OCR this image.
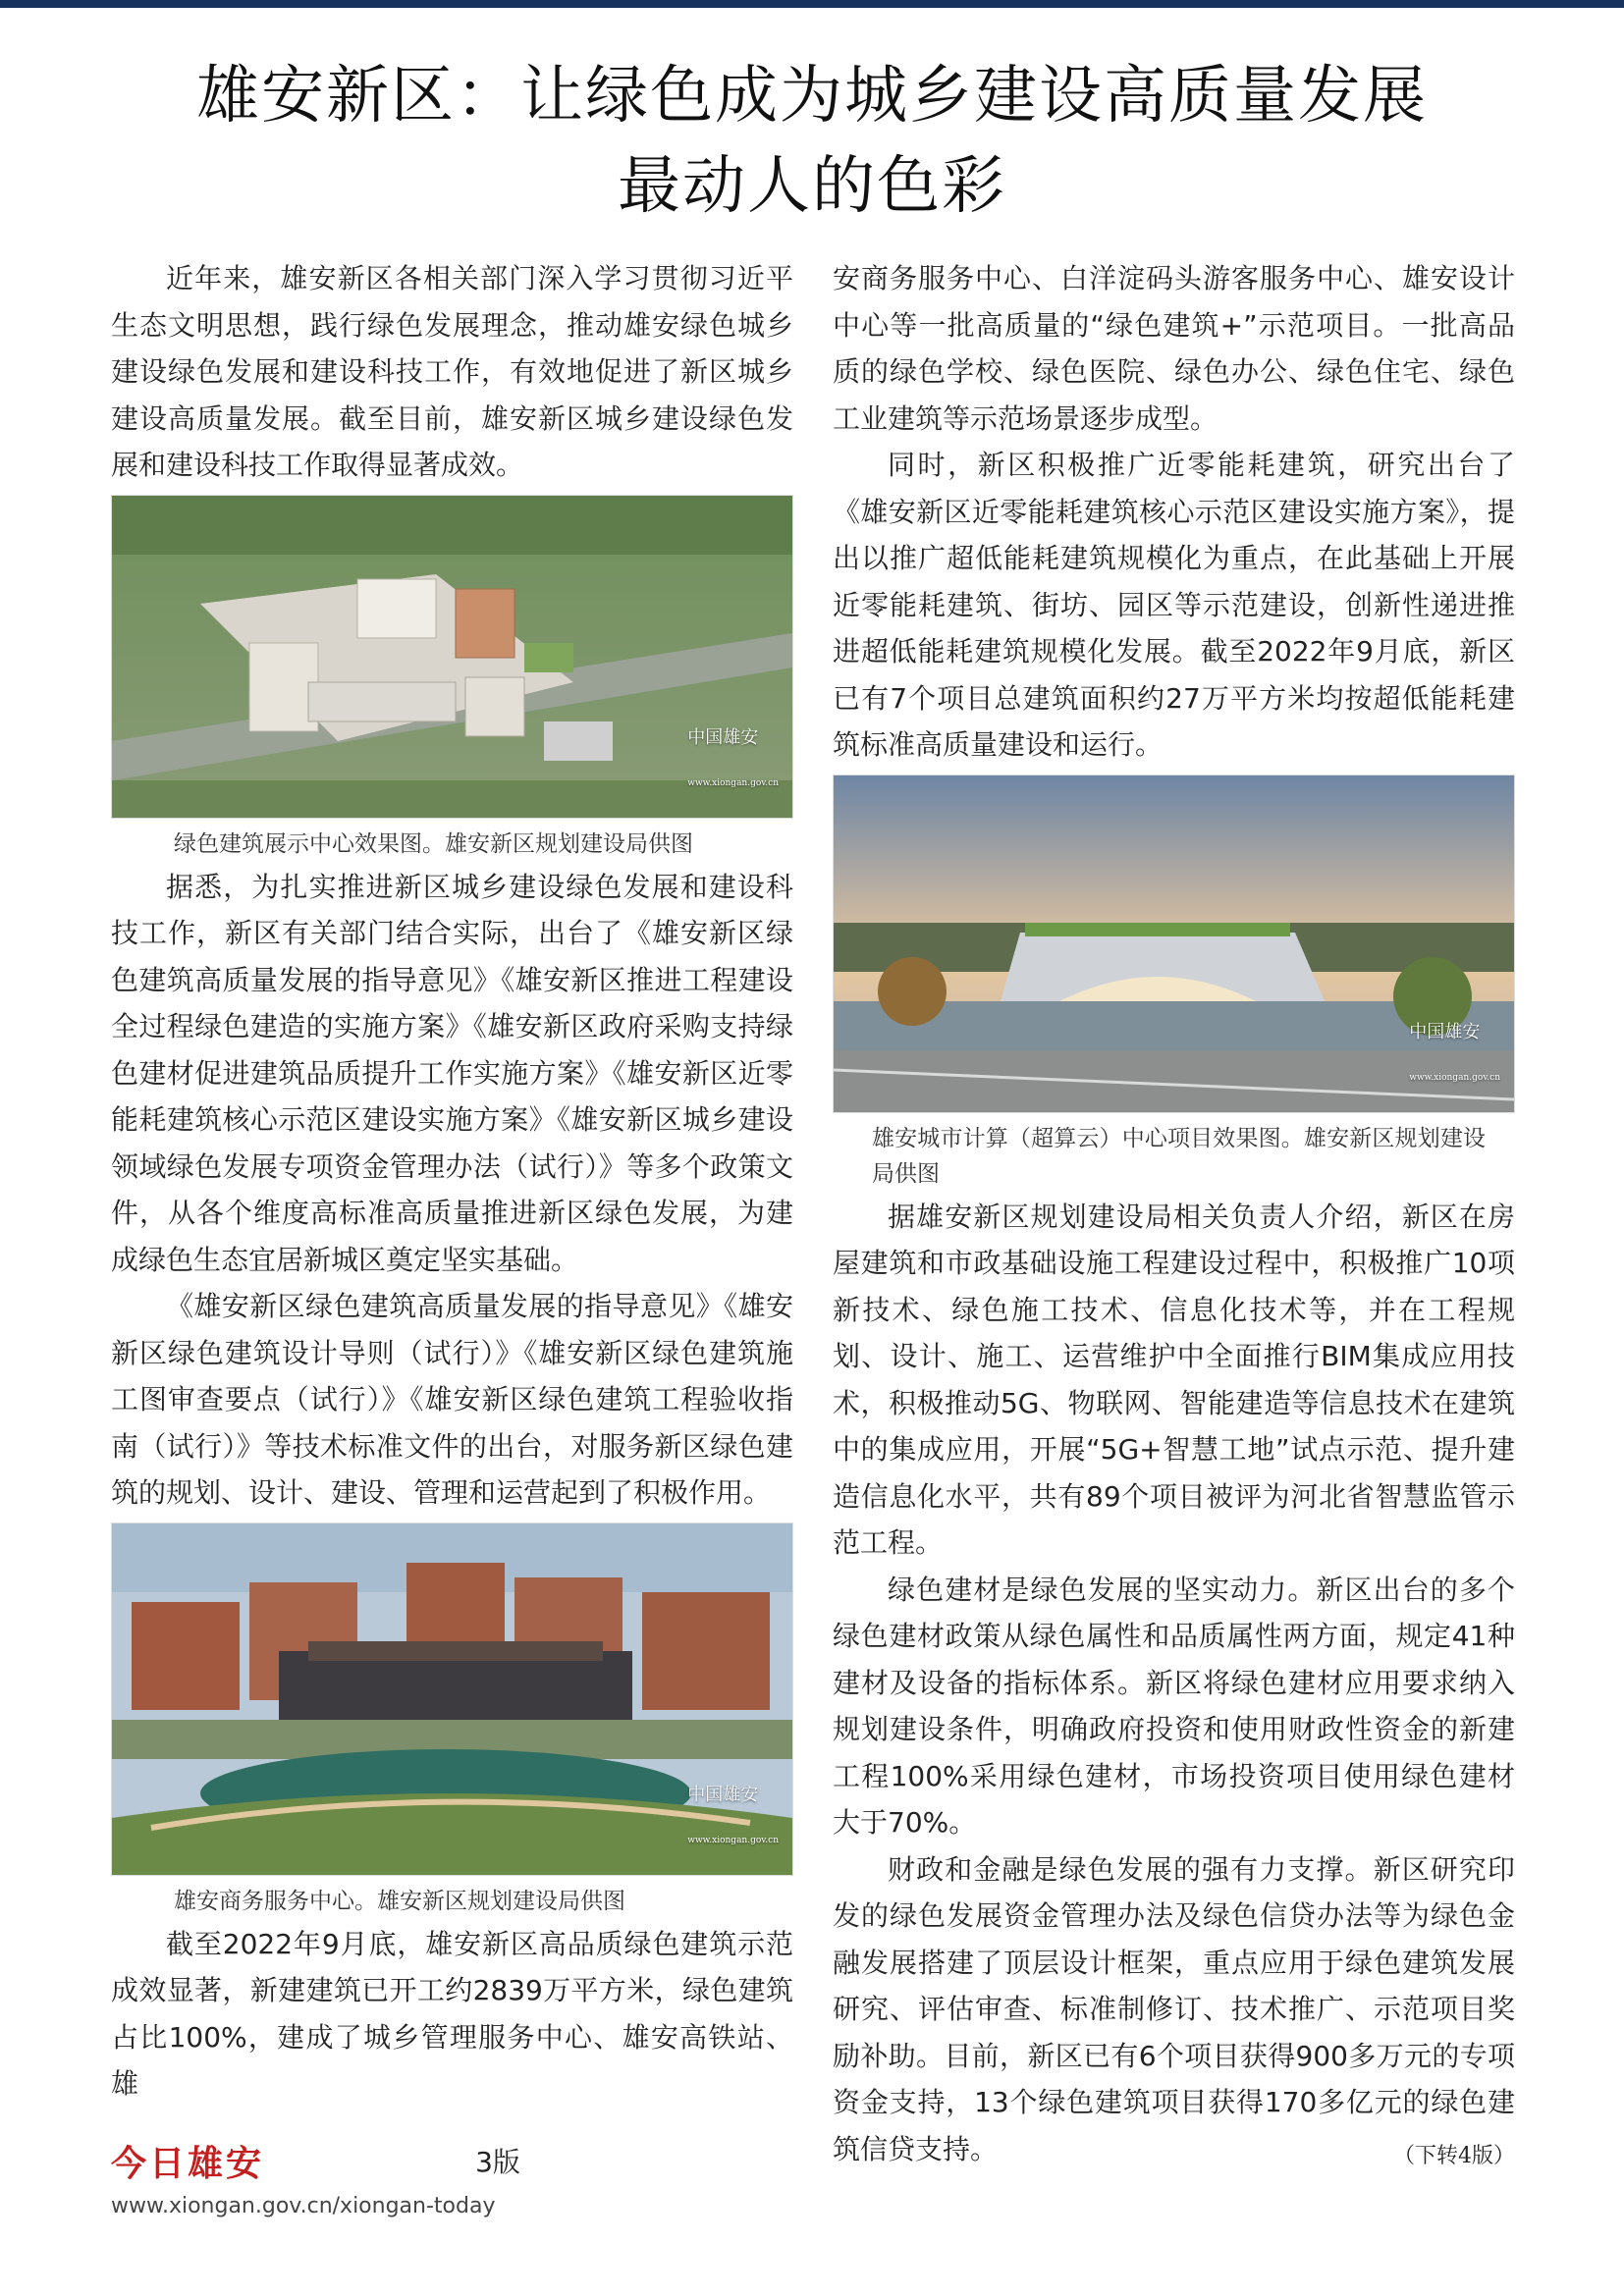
雄安新区：让绿色成为城乡建设高质量发展
最动人的色彩

近年来，雄安新区各相关部门深入学习贯彻习近平生态文明思想，践行绿色发展理念，推动雄安绿色城乡建设绿色发展和建设科技工作，有效地促进了新区城乡建设高质量发展。截至目前，雄安新区城乡建设绿色发展和建设科技工作取得显著成效。

中国雄安
www.xiongan.gov.cn
绿色建筑展示中心效果图。雄安新区规划建设局供图

据悉，为扎实推进新区城乡建设绿色发展和建设科技工作，新区有关部门结合实际，出台了《雄安新区绿色建筑高质量发展的指导意见》《雄安新区推进工程建设全过程绿色建造的实施方案》《雄安新区政府采购支持绿色建材促进建筑品质提升工作实施方案》《雄安新区近零能耗建筑核心示范区建设实施方案》《雄安新区城乡建设领域绿色发展专项资金管理办法（试行）》等多个政策文件，从各个维度高标准高质量推进新区绿色发展，为建成绿色生态宜居新城区奠定坚实基础。

《雄安新区绿色建筑高质量发展的指导意见》《雄安新区绿色建筑设计导则（试行）》《雄安新区绿色建筑施工图审查要点（试行）》《雄安新区绿色建筑工程验收指南（试行）》等技术标准文件的出台，对服务新区绿色建筑的规划、设计、建设、管理和运营起到了积极作用。

中国雄安
www.xiongan.gov.cn
雄安商务服务中心。雄安新区规划建设局供图

截至2022年9月底，雄安新区高品质绿色建筑示范成效显著，新建建筑已开工约2839万平方米，绿色建筑占比100%，建成了城乡管理服务中心、雄安高铁站、雄

安商务服务中心、白洋淀码头游客服务中心、雄安设计中心等一批高质量的“绿色建筑+”示范项目。一批高品质的绿色学校、绿色医院、绿色办公、绿色住宅、绿色工业建筑等示范场景逐步成型。

同时，新区积极推广近零能耗建筑，研究出台了《雄安新区近零能耗建筑核心示范区建设实施方案》，提出以推广超低能耗建筑规模化为重点，在此基础上开展近零能耗建筑、街坊、园区等示范建设，创新性递进推进超低能耗建筑规模化发展。截至2022年9月底，新区已有7个项目总建筑面积约27万平方米均按超低能耗建筑标准高质量建设和运行。

中国雄安
www.xiongan.gov.cn
雄安城市计算（超算云）中心项目效果图。雄安新区规划建设局供图

据雄安新区规划建设局相关负责人介绍，新区在房屋建筑和市政基础设施工程建设过程中，积极推广10项新技术、绿色施工技术、信息化技术等，并在工程规划、设计、施工、运营维护中全面推行BIM集成应用技术，积极推动5G、物联网、智能建造等信息技术在建筑中的集成应用，开展“5G+智慧工地”试点示范、提升建造信息化水平，共有89个项目被评为河北省智慧监管示范工程。

绿色建材是绿色发展的坚实动力。新区出台的多个绿色建材政策从绿色属性和品质属性两方面，规定41种建材及设备的指标体系。新区将绿色建材应用要求纳入规划建设条件，明确政府投资和使用财政性资金的新建工程100%采用绿色建材，市场投资项目使用绿色建材大于70%。

财政和金融是绿色发展的强有力支撑。新区研究印发的绿色发展资金管理办法及绿色信贷办法等为绿色金融发展搭建了顶层设计框架，重点应用于绿色建筑发展研究、评估审查、标准制修订、技术推广、示范项目奖励补助。目前，新区已有6个项目获得900多万元的专项资金支持，13个绿色建筑项目获得170多亿元的绿色建筑信贷支持。	（下转4版）
今日雄安	3版
www.xiongan.gov.cn/xiongan-today
